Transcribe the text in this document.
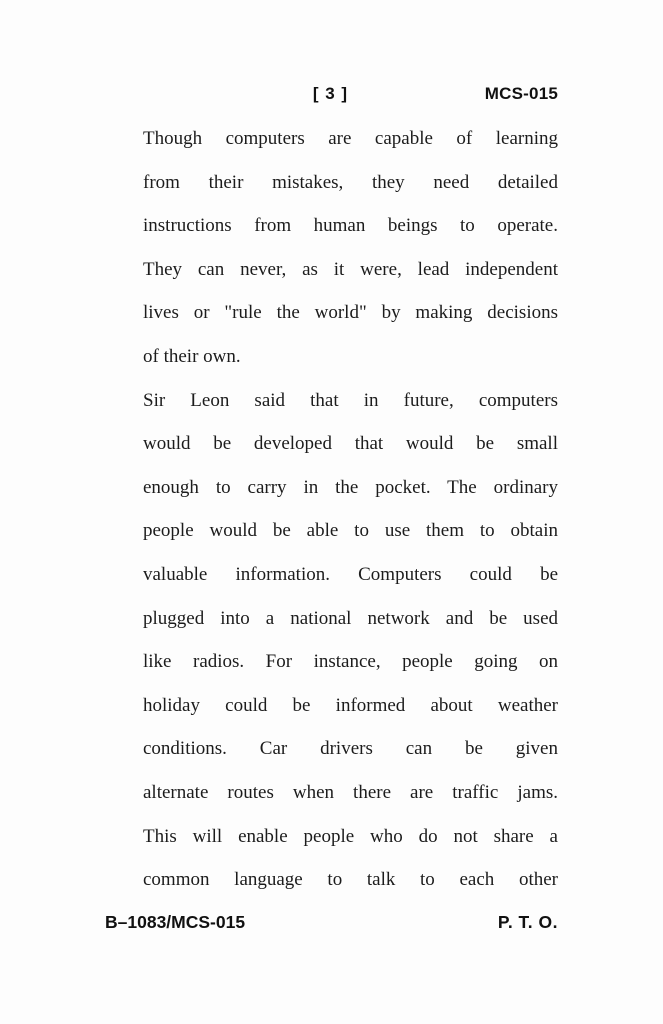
[ 3 ]	MCS-015
Though computers are capable of learning
from their mistakes, they need detailed
instructions from human beings to operate.
They can never, as it were, lead independent
lives or "rule the world" by making decisions
of their own.
Sir Leon said that in future, computers
would be developed that would be small
enough to carry in the pocket. The ordinary
people would be able to use them to obtain
valuable information. Computers could be
plugged into a national network and be used
like radios. For instance, people going on
holiday could be informed about weather
conditions. Car drivers can be given
alternate routes when there are traffic jams.
This will enable people who do not share a
common language to talk to each other
B–1083/MCS-015	P. T. O.
